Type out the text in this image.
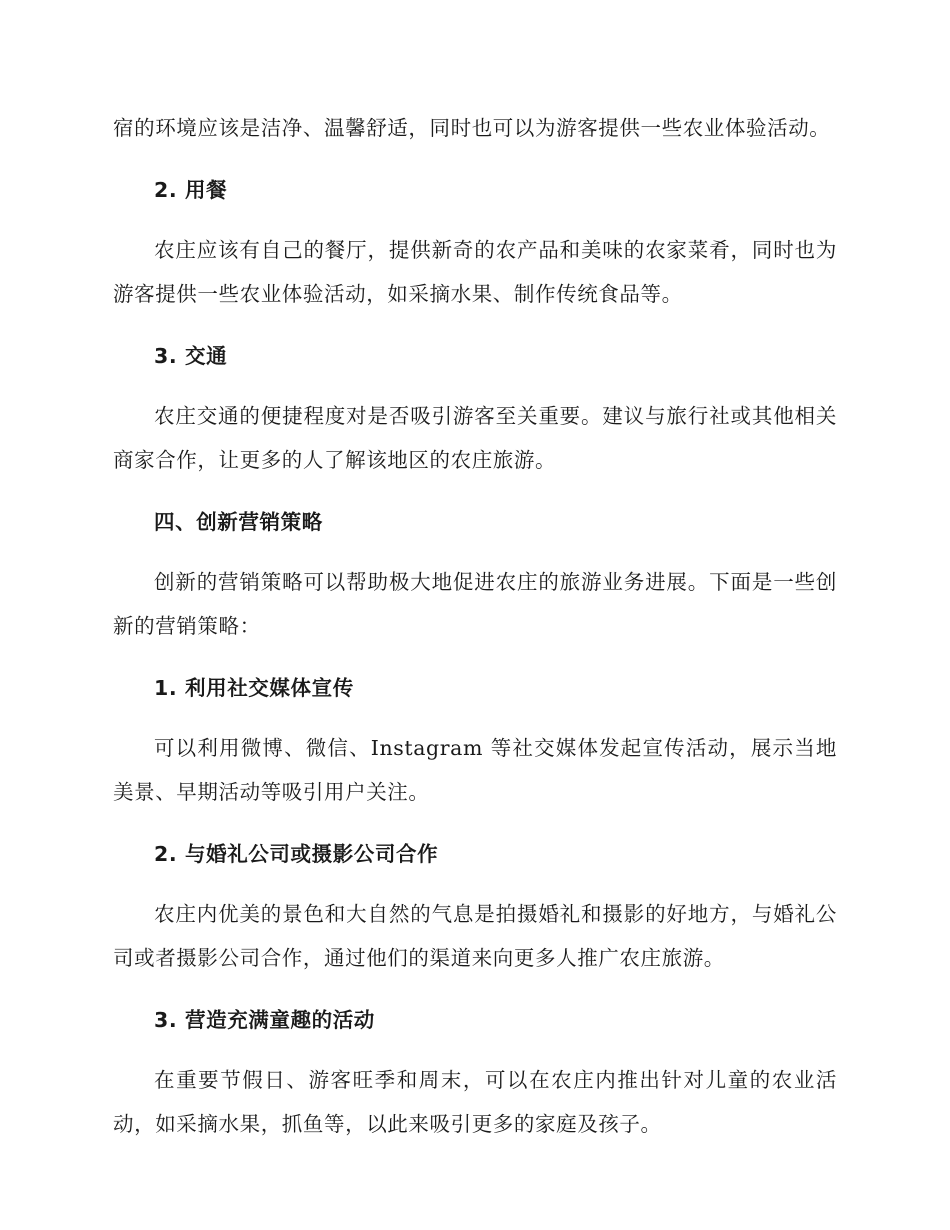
宿的环境应该是洁净、温馨舒适，同时也可以为游客提供一些农业体验活动。

2. 用餐

农庄应该有自己的餐厅，提供新奇的农产品和美味的农家菜肴，同时也为游客提供一些农业体验活动，如采摘水果、制作传统食品等。

3. 交通

农庄交通的便捷程度对是否吸引游客至关重要。建议与旅行社或其他相关商家合作，让更多的人了解该地区的农庄旅游。

四、创新营销策略

创新的营销策略可以帮助极大地促进农庄的旅游业务进展。下面是一些创新的营销策略：

1. 利用社交媒体宣传

可以利用微博、微信、Instagram 等社交媒体发起宣传活动，展示当地美景、早期活动等吸引用户关注。

2. 与婚礼公司或摄影公司合作

农庄内优美的景色和大自然的气息是拍摄婚礼和摄影的好地方，与婚礼公司或者摄影公司合作，通过他们的渠道来向更多人推广农庄旅游。

3. 营造充满童趣的活动

在重要节假日、游客旺季和周末，可以在农庄内推出针对儿童的农业活动，如采摘水果，抓鱼等，以此来吸引更多的家庭及孩子。
